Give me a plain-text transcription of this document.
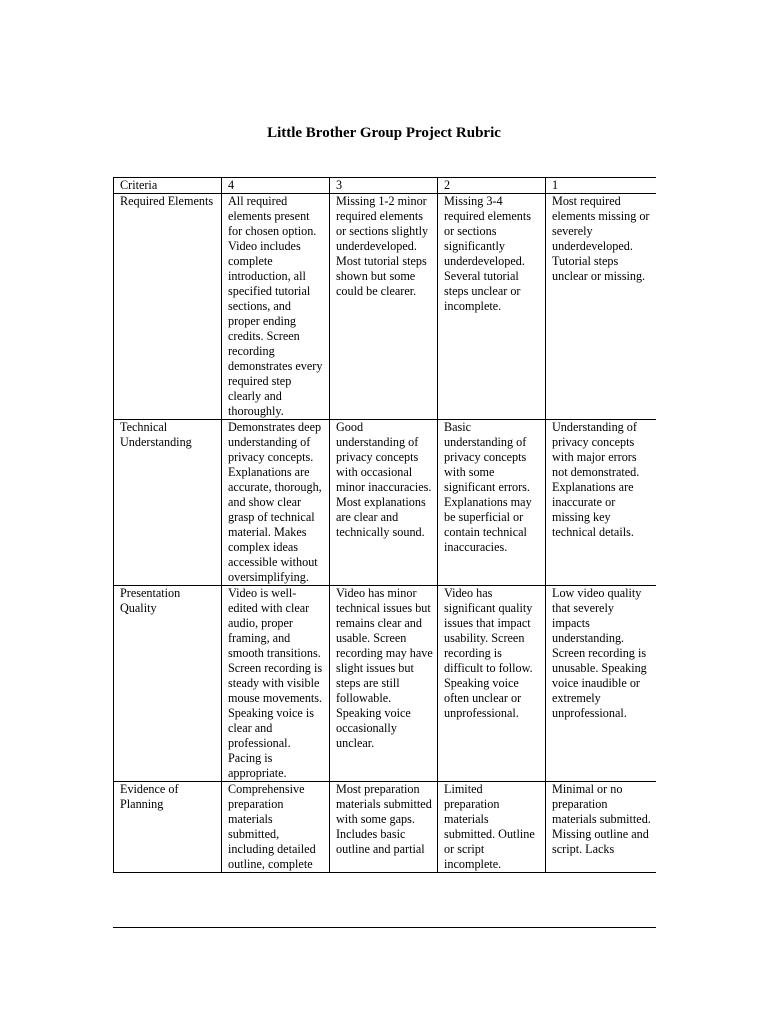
Little Brother Group Project Rubric
Criteria	4	3	2	1
Required Elements	All required elements present for chosen option. Video includes complete introduction, all specified tutorial sections, and proper ending credits. Screen recording demonstrates every required step clearly and thoroughly.	Missing 1-2 minor required elements or sections slightly underdeveloped. Most tutorial steps shown but some could be clearer.	Missing 3-4 required elements or sections significantly underdeveloped. Several tutorial steps unclear or incomplete.	Most required elements missing or severely underdeveloped. Tutorial steps unclear or missing.
Technical Understanding	Demonstrates deep understanding of privacy concepts. Explanations are accurate, thorough, and show clear grasp of technical material. Makes complex ideas accessible without oversimplifying.	Good understanding of privacy concepts with occasional minor inaccuracies. Most explanations are clear and technically sound.	Basic understanding of privacy concepts with some significant errors. Explanations may be superficial or contain technical inaccuracies.	Understanding of privacy concepts with major errors not demonstrated. Explanations are inaccurate or missing key technical details.
Presentation Quality	Video is well-edited with clear audio, proper framing, and smooth transitions. Screen recording is steady with visible mouse movements. Speaking voice is clear and professional. Pacing is appropriate.	Video has minor technical issues but remains clear and usable. Screen recording may have slight issues but steps are still followable. Speaking voice occasionally unclear.	Video has significant quality issues that impact usability. Screen recording is difficult to follow. Speaking voice often unclear or unprofessional.	Low video quality that severely impacts understanding. Screen recording is unusable. Speaking voice inaudible or extremely unprofessional.
Evidence of Planning	Comprehensive preparation materials submitted, including detailed outline, complete	Most preparation materials submitted with some gaps. Includes basic outline and partial	Limited preparation materials submitted. Outline or script incomplete.	Minimal or no preparation materials submitted. Missing outline and script. Lacks
